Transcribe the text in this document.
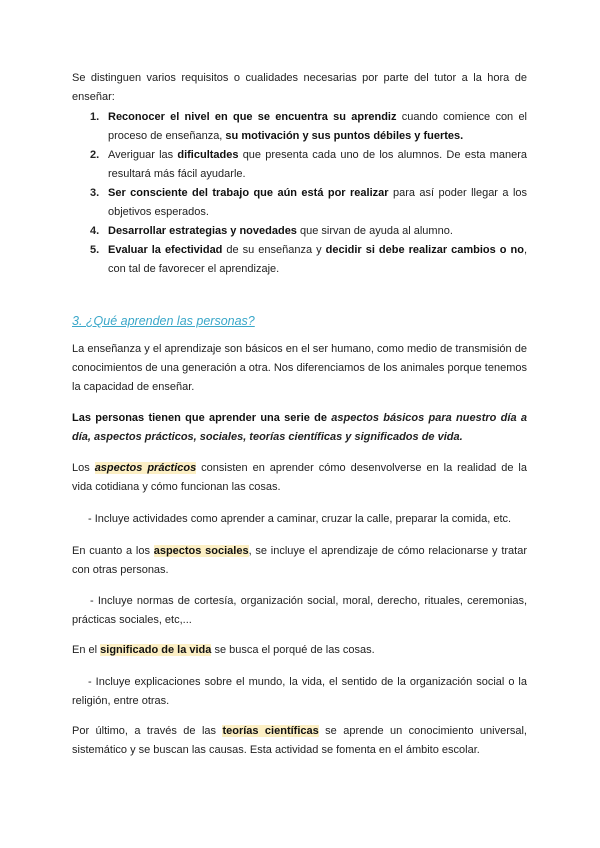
Se distinguen varios requisitos o cualidades necesarias por parte del tutor a la hora de enseñar:
1. Reconocer el nivel en que se encuentra su aprendiz cuando comience con el proceso de enseñanza, su motivación y sus puntos débiles y fuertes.
2. Averiguar las dificultades que presenta cada uno de los alumnos. De esta manera resultará más fácil ayudarle.
3. Ser consciente del trabajo que aún está por realizar para así poder llegar a los objetivos esperados.
4. Desarrollar estrategias y novedades que sirvan de ayuda al alumno.
5. Evaluar la efectividad de su enseñanza y decidir si debe realizar cambios o no, con tal de favorecer el aprendizaje.
3. ¿Qué aprenden las personas?
La enseñanza y el aprendizaje son básicos en el ser humano, como medio de transmisión de conocimientos de una generación a otra. Nos diferenciamos de los animales porque tenemos la capacidad de enseñar.
Las personas tienen que aprender una serie de aspectos básicos para nuestro día a día, aspectos prácticos, sociales, teorías científicas y significados de vida.
Los aspectos prácticos consisten en aprender cómo desenvolverse en la realidad de la vida cotidiana y cómo funcionan las cosas.
- Incluye actividades como aprender a caminar, cruzar la calle, preparar la comida, etc.
En cuanto a los aspectos sociales, se incluye el aprendizaje de cómo relacionarse y tratar con otras personas.
- Incluye normas de cortesía, organización social, moral, derecho, rituales, ceremonias, prácticas sociales, etc,...
En el significado de la vida se busca el porqué de las cosas.
- Incluye explicaciones sobre el mundo, la vida, el sentido de la organización social o la religión, entre otras.
Por último, a través de las teorías científicas se aprende un conocimiento universal, sistemático y se buscan las causas. Esta actividad se fomenta en el ámbito escolar.
